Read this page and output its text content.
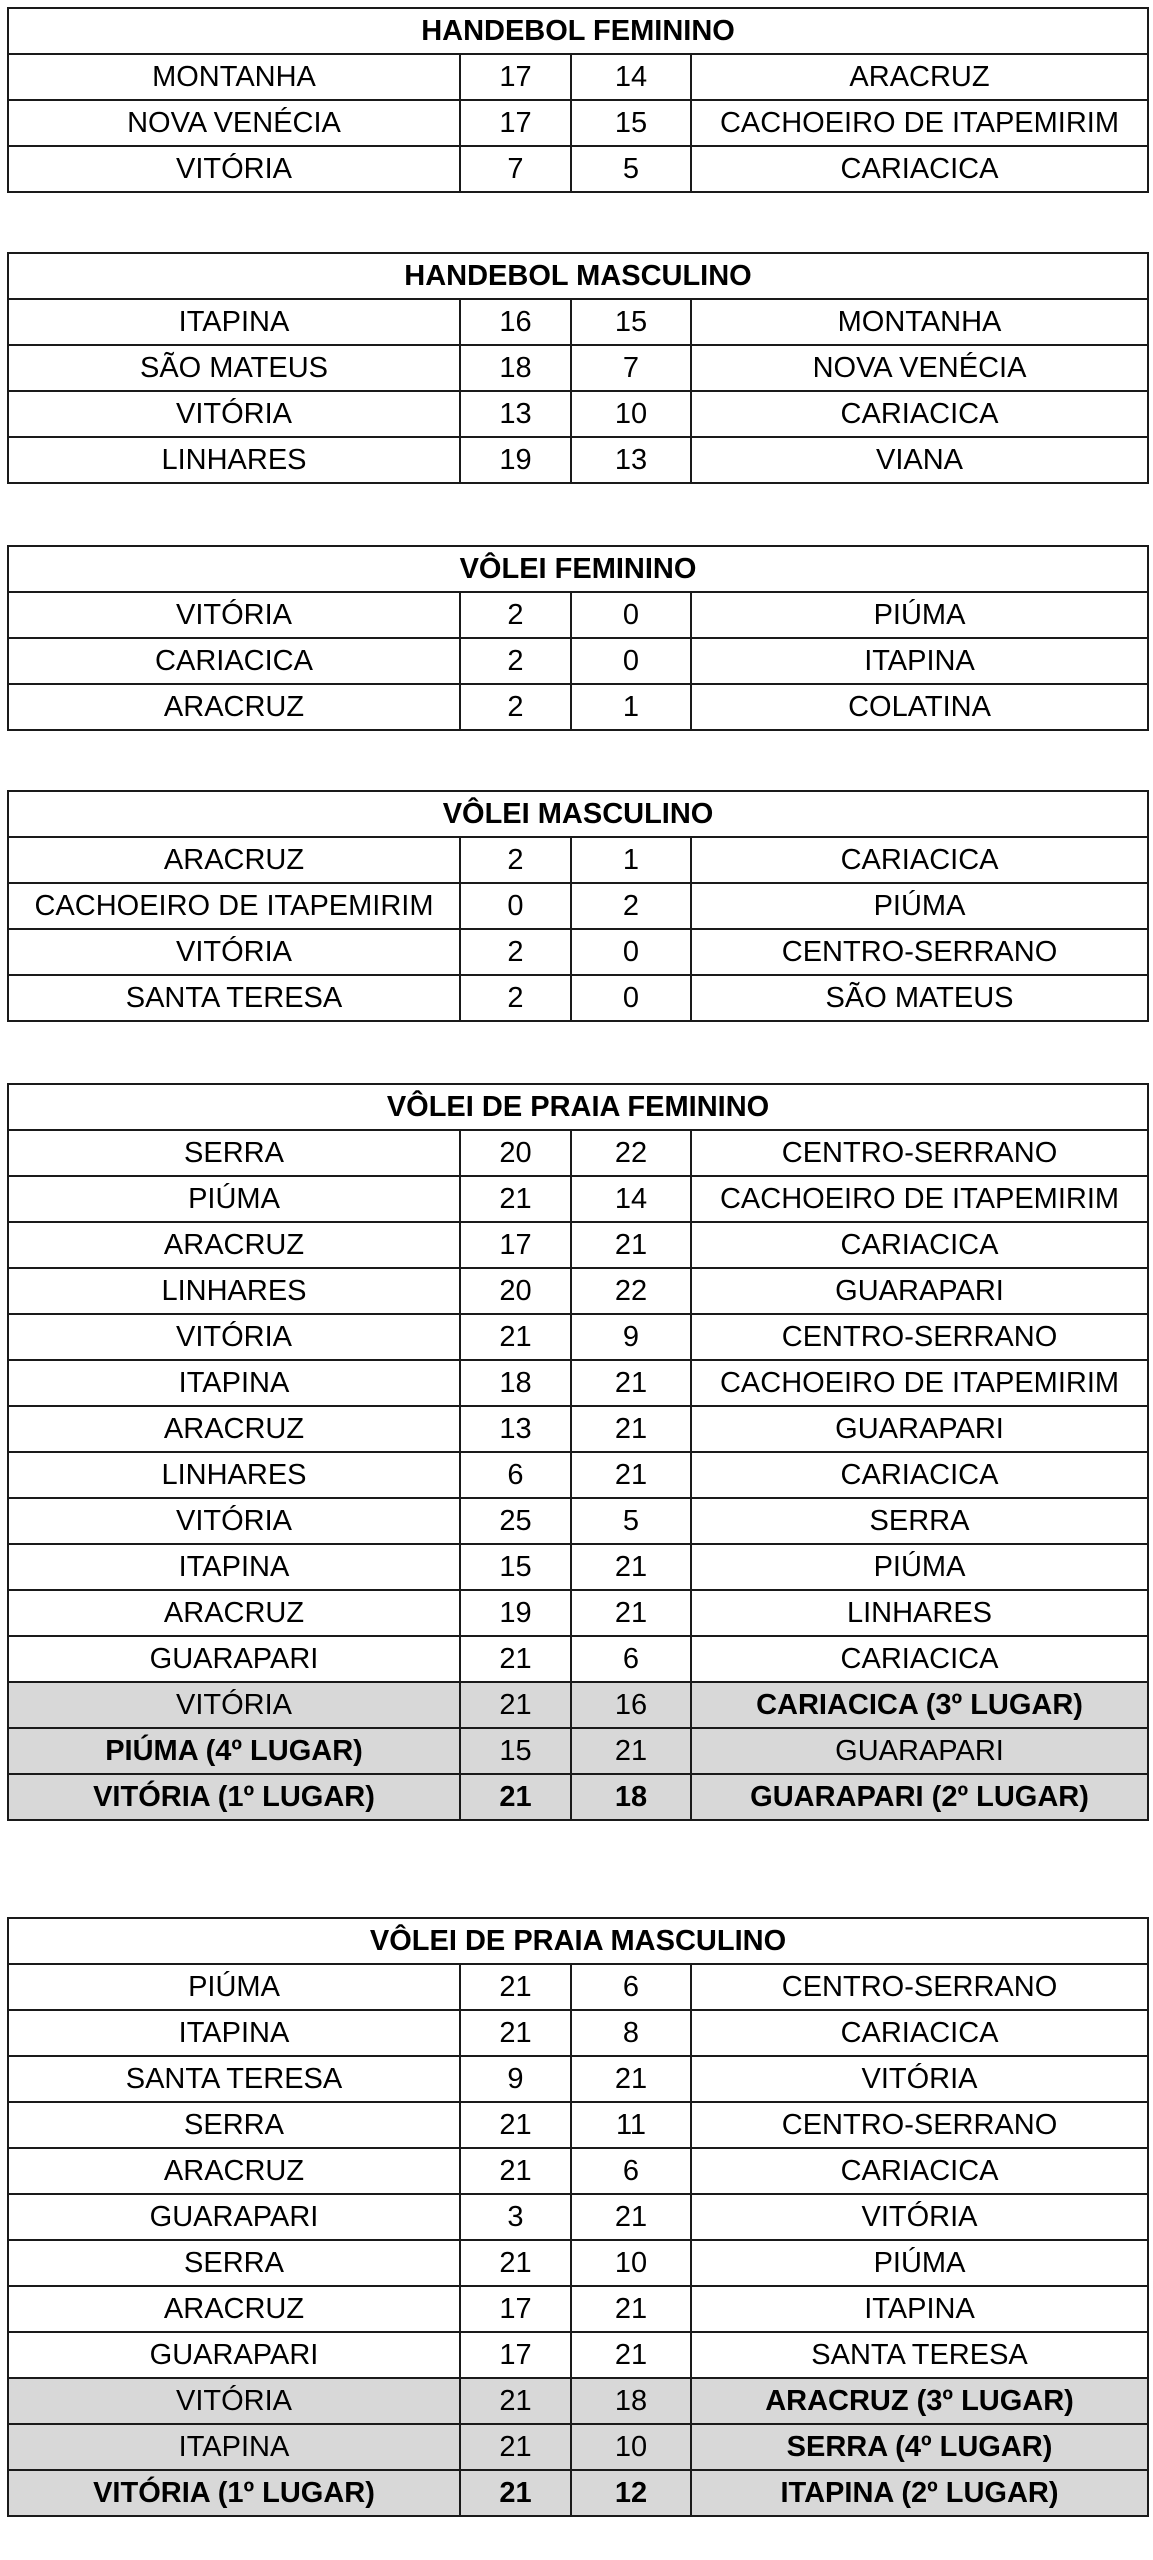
HANDEBOL FEMININO			
MONTANHA	17	14	ARACRUZ
NOVA VENÉCIA	17	15	CACHOEIRO DE ITAPEMIRIM
VITÓRIA	7	5	CARIACICA
HANDEBOL MASCULINO			
ITAPINA	16	15	MONTANHA
SÃO MATEUS	18	7	NOVA VENÉCIA
VITÓRIA	13	10	CARIACICA
LINHARES	19	13	VIANA
VÔLEI FEMININO			
VITÓRIA	2	0	PIÚMA
CARIACICA	2	0	ITAPINA
ARACRUZ	2	1	COLATINA
VÔLEI MASCULINO			
ARACRUZ	2	1	CARIACICA
CACHOEIRO DE ITAPEMIRIM	0	2	PIÚMA
VITÓRIA	2	0	CENTRO-SERRANO
SANTA TERESA	2	0	SÃO MATEUS
VÔLEI DE PRAIA FEMININO			
SERRA	20	22	CENTRO-SERRANO
PIÚMA	21	14	CACHOEIRO DE ITAPEMIRIM
ARACRUZ	17	21	CARIACICA
LINHARES	20	22	GUARAPARI
VITÓRIA	21	9	CENTRO-SERRANO
ITAPINA	18	21	CACHOEIRO DE ITAPEMIRIM
ARACRUZ	13	21	GUARAPARI
LINHARES	6	21	CARIACICA
VITÓRIA	25	5	SERRA
ITAPINA	15	21	PIÚMA
ARACRUZ	19	21	LINHARES
GUARAPARI	21	6	CARIACICA
VITÓRIA	21	16	CARIACICA (3º LUGAR)
PIÚMA (4º LUGAR)	15	21	GUARAPARI
VITÓRIA (1º LUGAR)	21	18	GUARAPARI (2º LUGAR)
VÔLEI DE PRAIA MASCULINO			
PIÚMA	21	6	CENTRO-SERRANO
ITAPINA	21	8	CARIACICA
SANTA TERESA	9	21	VITÓRIA
SERRA	21	11	CENTRO-SERRANO
ARACRUZ	21	6	CARIACICA
GUARAPARI	3	21	VITÓRIA
SERRA	21	10	PIÚMA
ARACRUZ	17	21	ITAPINA
GUARAPARI	17	21	SANTA TERESA
VITÓRIA	21	18	ARACRUZ (3º LUGAR)
ITAPINA	21	10	SERRA (4º LUGAR)
VITÓRIA (1º LUGAR)	21	12	ITAPINA (2º LUGAR)
